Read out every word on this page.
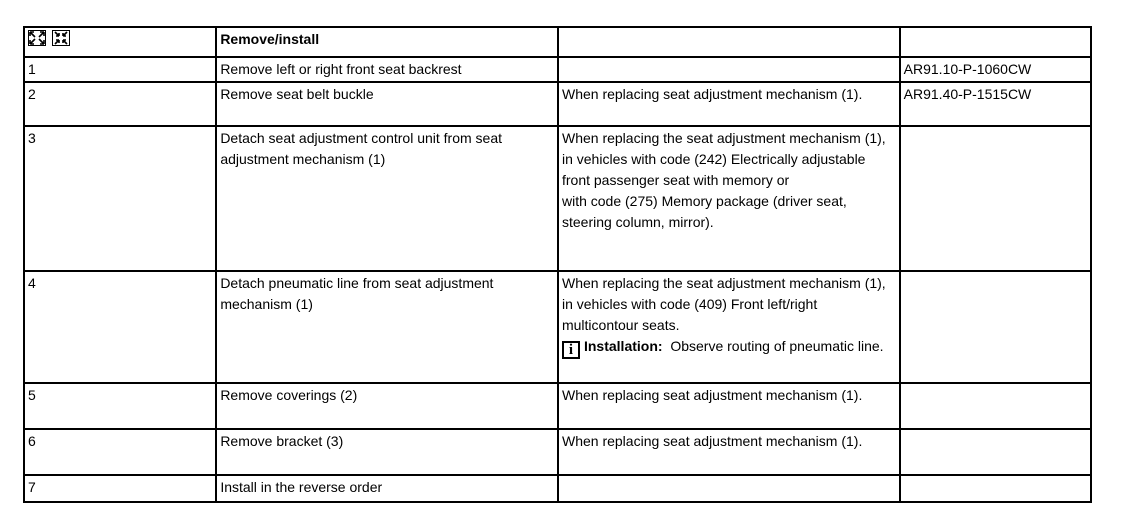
	Remove/install		
1	Remove left or right front seat backrest		AR91.10-P-1060CW
2	Remove seat belt buckle	When replacing seat adjustment mechanism (1).	AR91.40-P-1515CW
3	Detach seat adjustment control unit from seat adjustment mechanism (1)	When replacing the seat adjustment mechanism (1), in vehicles with code (242) Electrically adjustable front passenger seat with memory or
with code (275) Memory package (driver seat, steering column, mirror).	
4	Detach pneumatic line from seat adjustment mechanism (1)	When replacing the seat adjustment mechanism (1), in vehicles with code (409) Front left/right multicontour seats.
i Installation: Observe routing of pneumatic line.	
5	Remove coverings (2)	When replacing seat adjustment mechanism (1).	
6	Remove bracket (3)	When replacing seat adjustment mechanism (1).	
7	Install in the reverse order		
